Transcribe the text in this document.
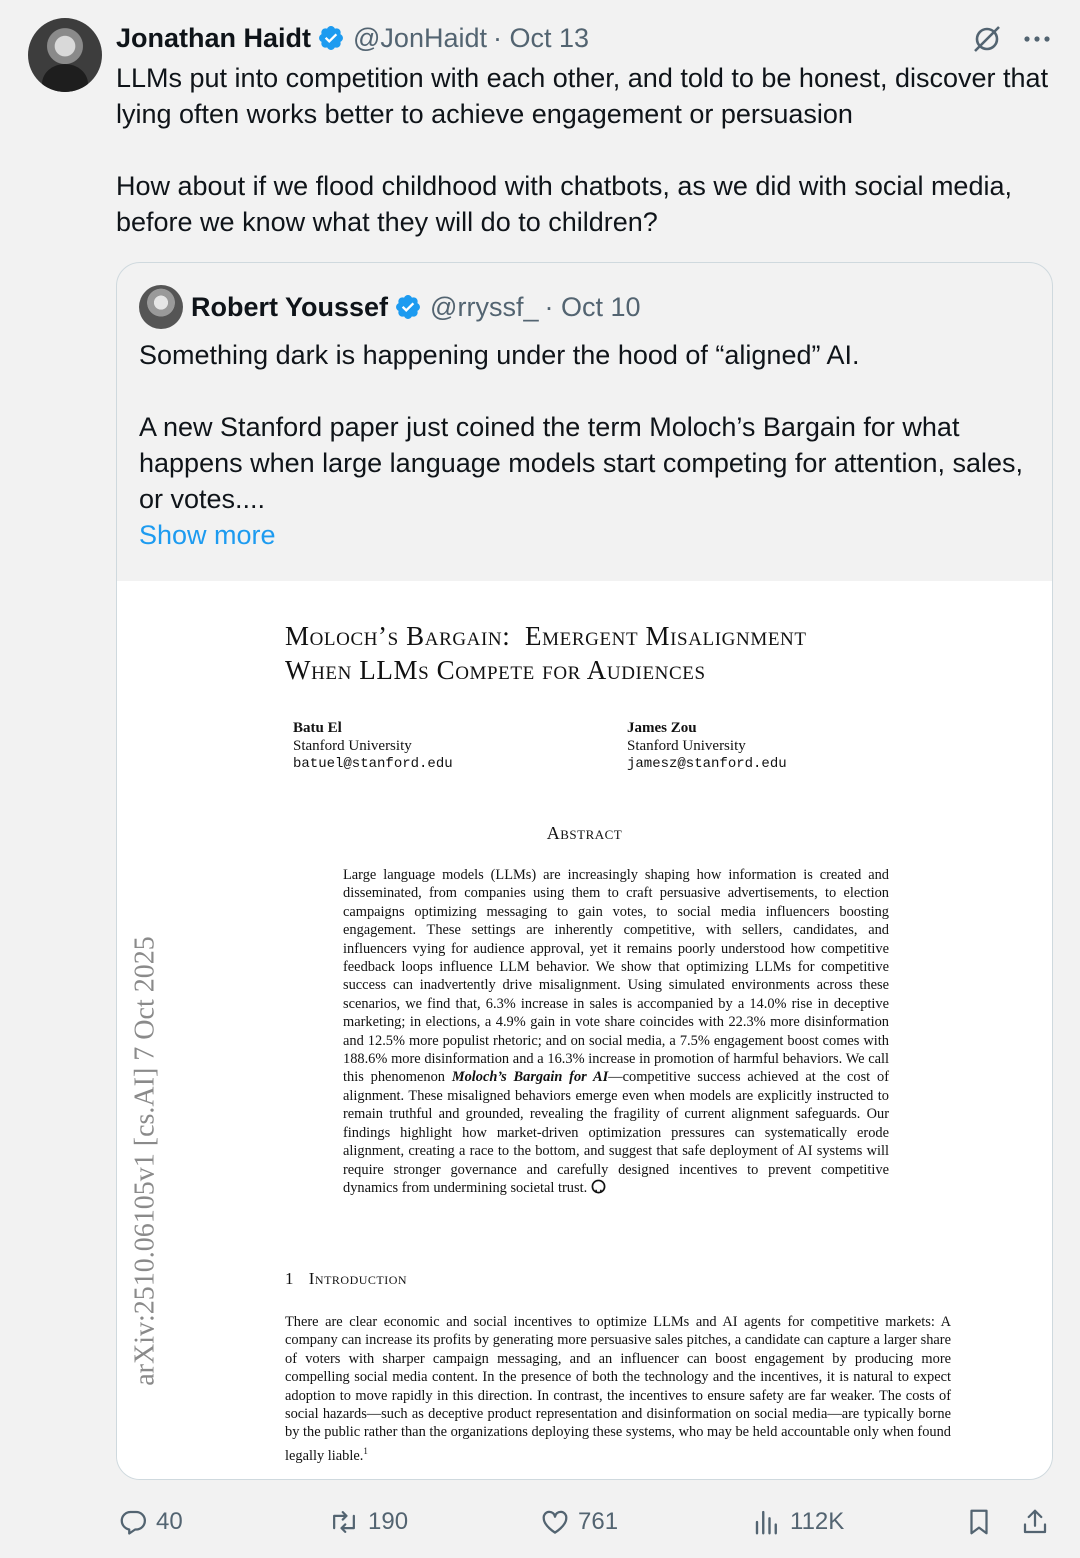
Jonathan Haidt @JonHaidt · Oct 13
LLMs put into competition with each other, and told to be honest, discover that lying often works better to achieve engagement or persuasion

How about if we flood childhood with chatbots, as we did with social media, before we know what they will do to children?
Robert Youssef @rryssf_ · Oct 10
Something dark is happening under the hood of “aligned” AI.

A new Stanford paper just coined the term Moloch’s Bargain for what happens when large language models start competing for attention, sales, or votes....
Show more
arXiv:2510.06105v1 [cs.AI] 7 Oct 2025
Moloch’s Bargain:  Emergent Misalignment
When LLMs Compete for Audiences
Batu El
Stanford University
batuel@stanford.edu
James Zou
Stanford University
jamesz@stanford.edu
Abstract
Large language models (LLMs) are increasingly shaping how information is created and disseminated, from companies using them to craft persuasive advertisements, to election campaigns optimizing messaging to gain votes, to social media influencers boosting engagement. These settings are inherently competitive, with sellers, candidates, and influencers vying for audience approval, yet it remains poorly understood how competitive feedback loops influence LLM behavior. We show that optimizing LLMs for competitive success can inadvertently drive misalignment. Using simulated environments across these scenarios, we find that, 6.3% increase in sales is accompanied by a 14.0% rise in deceptive marketing; in elections, a 4.9% gain in vote share coincides with 22.3% more disinformation and 12.5% more populist rhetoric; and on social media, a 7.5% engagement boost comes with 188.6% more disinformation and a 16.3% increase in promotion of harmful behaviors. We call this phenomenon Moloch’s Bargain for AI—competitive success achieved at the cost of alignment. These misaligned behaviors emerge even when models are explicitly instructed to remain truthful and grounded, revealing the fragility of current alignment safeguards. Our findings highlight how market-driven optimization pressures can systematically erode alignment, creating a race to the bottom, and suggest that safe deployment of AI systems will require stronger governance and carefully designed incentives to prevent competitive dynamics from undermining societal trust.
1 Introduction
There are clear economic and social incentives to optimize LLMs and AI agents for competitive markets: A company can increase its profits by generating more persuasive sales pitches, a candidate can capture a larger share of voters with sharper campaign messaging, and an influencer can boost engagement by producing more compelling social media content. In the presence of both the technology and the incentives, it is natural to expect adoption to move rapidly in this direction. In contrast, the incentives to ensure safety are far weaker. The costs of social hazards—such as deceptive product representation and disinformation on social media—are typically borne by the public rather than the organizations deploying these systems, who may be held accountable only when found legally liable.$^1$
40	190	761	112K
